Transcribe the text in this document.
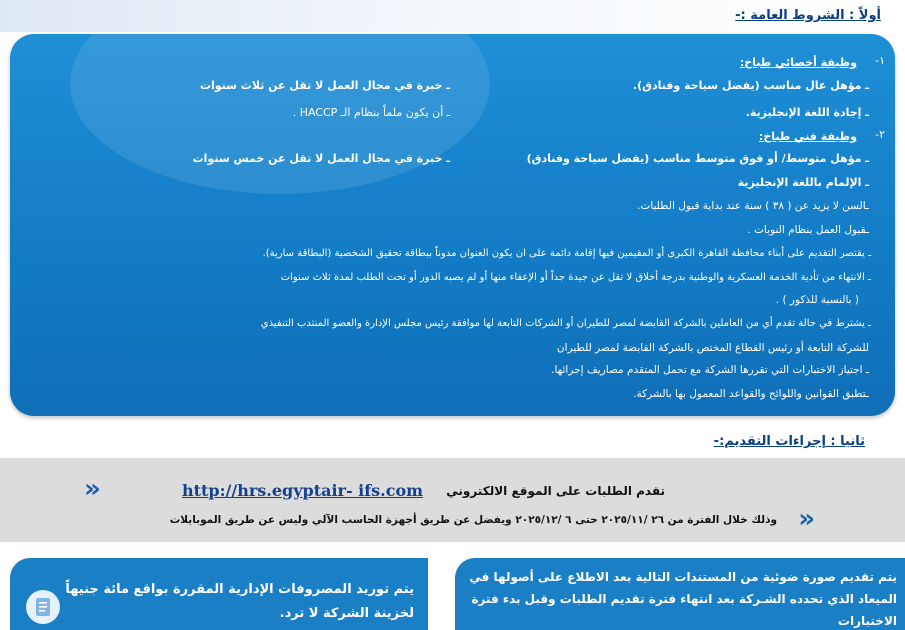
أولاً : الشروط العامة :-
١-
وظيفة أخصائي طباخ:
ـ مؤهل عال مناسب (يفضل سياحة وفنادق).
ـ إجادة اللغة الإنجليزية.
ـ خبرة في مجال العمل لا تقل عن ثلاث سنوات
ـ أن يكون ملماً بنظام الـ HACCP .
٢-
وظيفة فني طباخ:
ـ مؤهل متوسط/ أو فوق متوسط مناسب (يفضل سياحة وفنادق)
ـ خبرة في مجال العمل لا تقل عن خمس سنوات
ـ الإلمام باللغة الإنجليزية
ـالسن لا يزيد عن ( ٣٨ ) سنة عند بداية قبول الطلبات.
ـقبول العمل بنظام النوبات .
ـ يقتصر التقديم على أبناء محافظة القاهرة الكبرى أو المقيمين فيها إقامة دائمة على ان يكون العنوان مدوناً ببطاقة تحقيق الشخصية (البطاقة سارية).
ـ الانتهاء من تأدية الخدمة العسكرية والوطنية بدرجة أخلاق لا تقل عن جيدة جداً أو الإعفاء منها أو لم يصبه الدور أو تحت الطلب لمدة ثلاث سنوات
( بالنسبة للذكور ) .
ـ يشترط في حالة تقدم أي من العاملين بالشركة القابضة لمصر للطيران أو الشركات التابعة لها موافقة رئيس مجلس الإدارة والعضو المنتدب التنفيذي
للشركة التابعة أو رئيس القطاع المختص بالشركة القابضة لمصر للطيران
ـ اجتياز الاختبارات التي تقررها الشركة مع تحمل المتقدم مصاريف إجرائها.
ـتطبق القوانين واللوائح والقواعد المعمول بها بالشركة.
ثانيا : إجراءات التقديم:-
«	http://hrs.egyptair- ifs.com تقدم الطلبات على الموقع الالكتروني
«
وذلك خلال الفترة من ٢٦ /٢٠٢٥/١١ حتى ٦ /٢٠٢٥/١٢ ويفضل عن طريق أجهزة الحاسب الآلي وليس عن طريق الموبايلات
يتم تقديم صورة ضوئية من المستندات التالية بعد الاطلاع على أصولها في
الميعاد الذي تحدده الشـركة بعد انتهاء فترة تقديم الطلبات وقبل بدء فترة
الاختبارات
يتم توريد المصروفات الإدارية المقررة بواقع مائة جنيهاً
لخزينة الشركة لا ترد.
